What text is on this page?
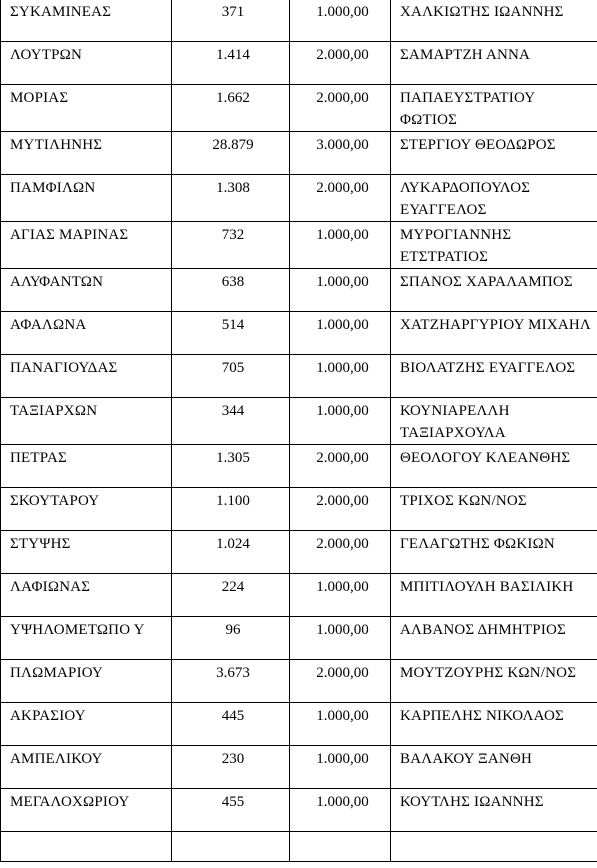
ΣΥΚΑΜΙΝΕΑΣ	371	1.000,00	ΧΑΛΚΙΩΤΗΣ ΙΩΑΝΝΗΣ
ΛΟΥΤΡΩΝ	1.414	2.000,00	ΣΑΜΑΡΤΖΗ ΑΝΝΑ
ΜΟΡΙΑΣ	1.662	2.000,00	ΠΑΠΑΕΥΣΤΡΑΤΙΟΥ ΦΩΤΙΟΣ
ΜΥΤΙΛΗΝΗΣ	28.879	3.000,00	ΣΤΕΡΓΙΟΥ ΘΕΟΔΩΡΟΣ
ΠΑΜΦΙΛΩΝ	1.308	2.000,00	ΛΥΚΑΡΔΟΠΟΥΛΟΣ ΕΥΑΓΓΕΛΟΣ
ΑΓΙΑΣ ΜΑΡΙΝΑΣ	732	1.000,00	ΜΥΡΟΓΙΑΝΝΗΣ ΕΤΣΤΡΑΤΙΟΣ
ΑΛΥΦΑΝΤΩΝ	638	1.000,00	ΣΠΑΝΟΣ ΧΑΡΑΛΑΜΠΟΣ
ΑΦΑΛΩΝΑ	514	1.000,00	ΧΑΤΖΗΑΡΓΥΡΙΟΥ ΜΙΧΑΗΛ
ΠΑΝΑΓΙΟΥΔΑΣ	705	1.000,00	ΒΙΟΛΑΤΖΗΣ ΕΥΑΓΓΕΛΟΣ
ΤΑΞΙΑΡΧΩΝ	344	1.000,00	ΚΟΥΝΙΑΡΕΛΛΗ ΤΑΞΙΑΡΧΟΥΛΑ
ΠΕΤΡΑΣ	1.305	2.000,00	ΘΕΟΛΟΓΟΥ ΚΛΕΑΝΘΗΣ
ΣΚΟΥΤΑΡΟΥ	1.100	2.000,00	ΤΡΙΧΟΣ ΚΩΝ/ΝΟΣ
ΣΤΥΨΗΣ	1.024	2.000,00	ΓΕΛΑΓΩΤΗΣ ΦΩΚΙΩΝ
ΛΑΦΙΩΝΑΣ	224	1.000,00	ΜΠΙΤΙΛΟΥΛΗ ΒΑΣΙΛΙΚΗ
ΥΨΗΛΟΜΕΤΩΠΟ Υ	96	1.000,00	ΑΛΒΑΝΟΣ ΔΗΜΗΤΡΙΟΣ
ΠΛΩΜΑΡΙΟΥ	3.673	2.000,00	ΜΟΥΤΖΟΥΡΗΣ ΚΩΝ/ΝΟΣ
ΑΚΡΑΣΙΟΥ	445	1.000,00	ΚΑΡΠΕΛΗΣ ΝΙΚΟΛΑΟΣ
ΑΜΠΕΛΙΚΟΥ	230	1.000,00	ΒΑΛΑΚΟΥ ΞΑΝΘΗ
ΜΕΓΑΛΟΧΩΡΙΟΥ	455	1.000,00	ΚΟΥΤΛΗΣ ΙΩΑΝΝΗΣ
